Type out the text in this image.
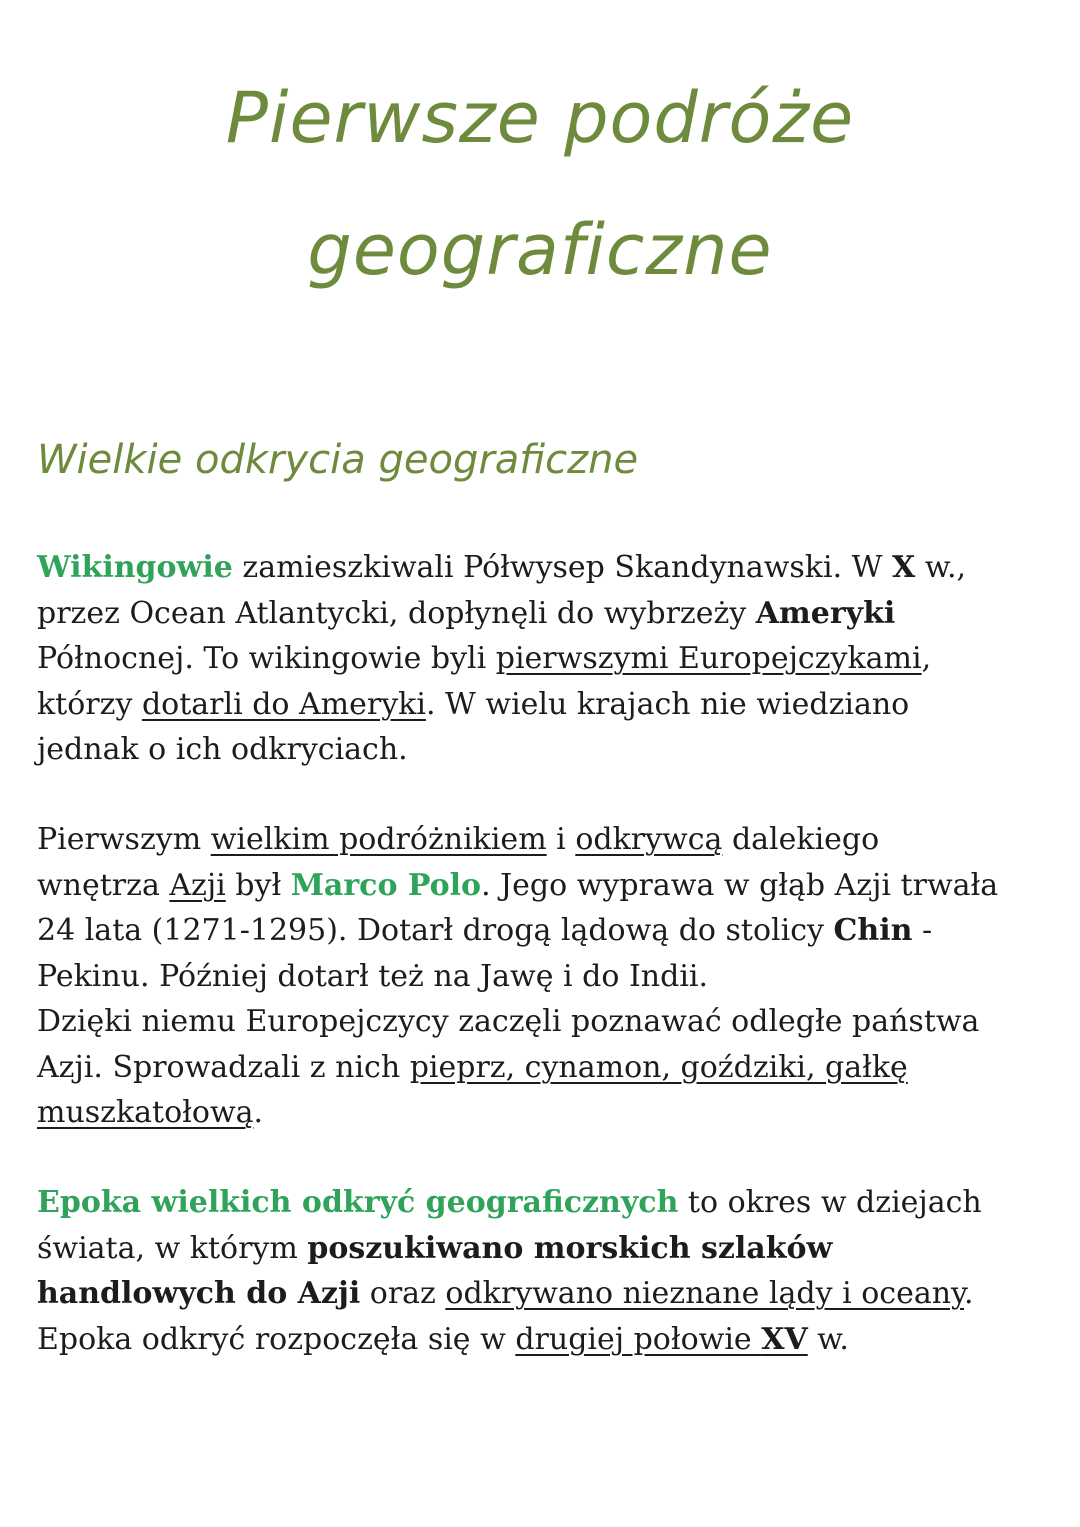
Pierwsze podróże
geograficzne
Wielkie odkrycia geograficzne

Wikingowie zamieszkiwali Półwysep Skandynawski. W X w.,
przez Ocean Atlantycki, dopłynęli do wybrzeży Ameryki
Północnej. To wikingowie byli pierwszymi Europejczykami,
którzy dotarli do Ameryki. W wielu krajach nie wiedziano
jednak o ich odkryciach.

Pierwszym wielkim podróżnikiem i odkrywcą dalekiego
wnętrza Azji był Marco Polo. Jego wyprawa w głąb Azji trwała
24 lata (1271-1295). Dotarł drogą lądową do stolicy Chin -
Pekinu. Później dotarł też na Jawę i do Indii.
Dzięki niemu Europejczycy zaczęli poznawać odległe państwa
Azji. Sprowadzali z nich pieprz, cynamon, goździki, gałkę
muszkatołową.

Epoka wielkich odkryć geograficznych to okres w dziejach
świata, w którym poszukiwano morskich szlaków
handlowych do Azji oraz odkrywano nieznane lądy i oceany.
Epoka odkryć rozpoczęła się w drugiej połowie XV w.
